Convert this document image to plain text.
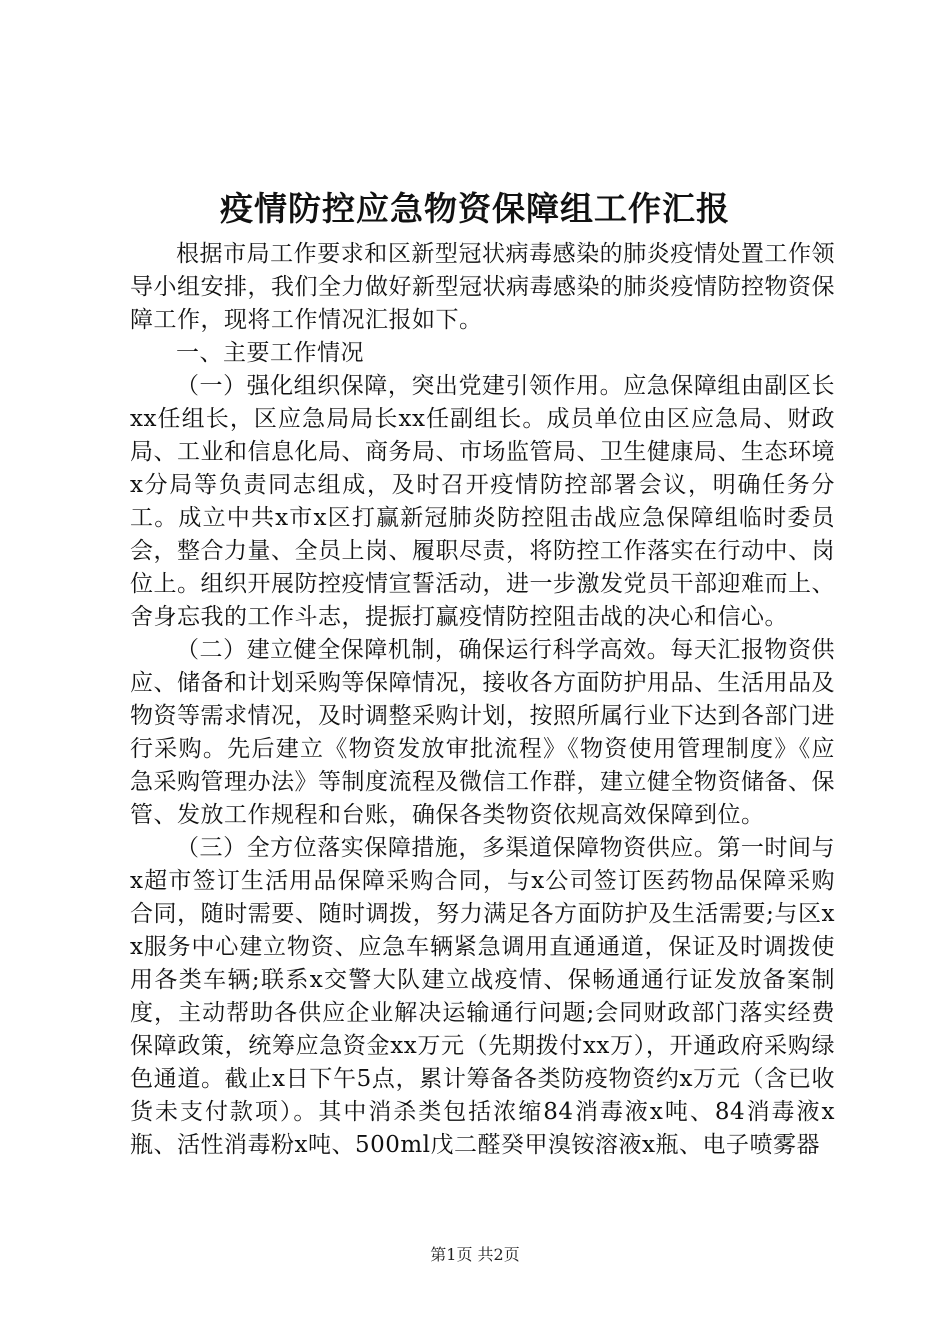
疫情防控应急物资保障组工作汇报

根据市局工作要求和区新型冠状病毒感染的肺炎疫情处置工作领导小组安排，我们全力做好新型冠状病毒感染的肺炎疫情防控物资保障工作，现将工作情况汇报如下。

一、主要工作情况

（一）强化组织保障，突出党建引领作用。应急保障组由副区长xx任组长，区应急局局长xx任副组长。成员单位由区应急局、财政局、工业和信息化局、商务局、市场监管局、卫生健康局、生态环境x分局等负责同志组成，及时召开疫情防控部署会议，明确任务分工。成立中共x市x区打赢新冠肺炎防控阻击战应急保障组临时委员会，整合力量、全员上岗、履职尽责，将防控工作落实在行动中、岗位上。组织开展防控疫情宣誓活动，进一步激发党员干部迎难而上、舍身忘我的工作斗志，提振打赢疫情防控阻击战的决心和信心。

（二）建立健全保障机制，确保运行科学高效。每天汇报物资供应、储备和计划采购等保障情况，接收各方面防护用品、生活用品及物资等需求情况，及时调整采购计划，按照所属行业下达到各部门进行采购。先后建立《物资发放审批流程》《物资使用管理制度》《应急采购管理办法》等制度流程及微信工作群，建立健全物资储备、保管、发放工作规程和台账，确保各类物资依规高效保障到位。

（三）全方位落实保障措施，多渠道保障物资供应。第一时间与x超市签订生活用品保障采购合同，与x公司签订医药物品保障采购合同，随时需要、随时调拨，努力满足各方面防护及生活需要;与区xx服务中心建立物资、应急车辆紧急调用直通通道，保证及时调拨使用各类车辆;联系x交警大队建立战疫情、保畅通通行证发放备案制度，主动帮助各供应企业解决运输通行问题;会同财政部门落实经费保障政策，统筹应急资金xx万元（先期拨付xx万），开通政府采购绿色通道。截止x日下午5点，累计筹备各类防疫物资约x万元（含已收货未支付款项）。其中消杀类包括浓缩84消毒液x吨、84消毒液x瓶、活性消毒粉x吨、500ml戊二醛癸甲溴铵溶液x瓶、电子喷雾器

第1页 共2页
